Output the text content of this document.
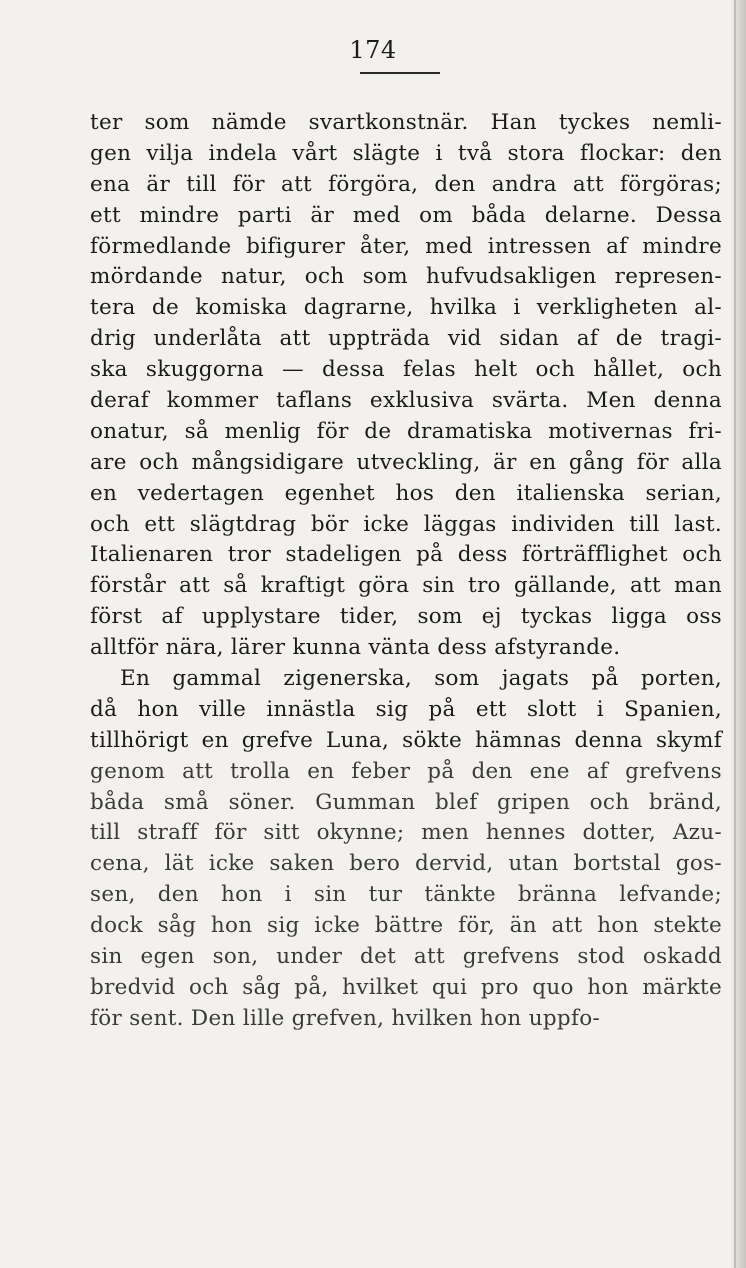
174
ter som nämde svartkonstnär. Han tyckes nemli-
gen vilja indela vårt slägte i två stora flockar: den
ena är till för att förgöra, den andra att förgöras;
ett mindre parti är med om båda delarne. Dessa
förmedlande bifigurer åter, med intressen af mindre
mördande natur, och som hufvudsakligen represen-
tera de komiska dagrarne, hvilka i verkligheten al-
drig underlåta att uppträda vid sidan af de tragi-
ska skuggorna — dessa felas helt och hållet, och
deraf kommer taflans exklusiva svärta. Men denna
onatur, så menlig för de dramatiska motivernas fri-
are och mångsidigare utveckling, är en gång för alla
en vedertagen egenhet hos den italienska serian,
och ett slägtdrag bör icke läggas individen till last.
Italienaren tror stadeligen på dess förträfflighet och
förstår att så kraftigt göra sin tro gällande, att man
först af upplystare tider, som ej tyckas ligga oss
alltför nära, lärer kunna vänta dess afstyrande.
En gammal zigenerska, som jagats på porten,
då hon ville innästla sig på ett slott i Spanien,
tillhörigt en grefve Luna, sökte hämnas denna skymf
genom att trolla en feber på den ene af grefvens
båda små söner. Gumman blef gripen och bränd,
till straff för sitt okynne; men hennes dotter, Azu-
cena, lät icke saken bero dervid, utan bortstal gos-
sen, den hon i sin tur tänkte bränna lefvande;
dock såg hon sig icke bättre för, än att hon stekte
sin egen son, under det att grefvens stod oskadd
bredvid och såg på, hvilket qui pro quo hon märkte
för sent. Den lille grefven, hvilken hon uppfo-
